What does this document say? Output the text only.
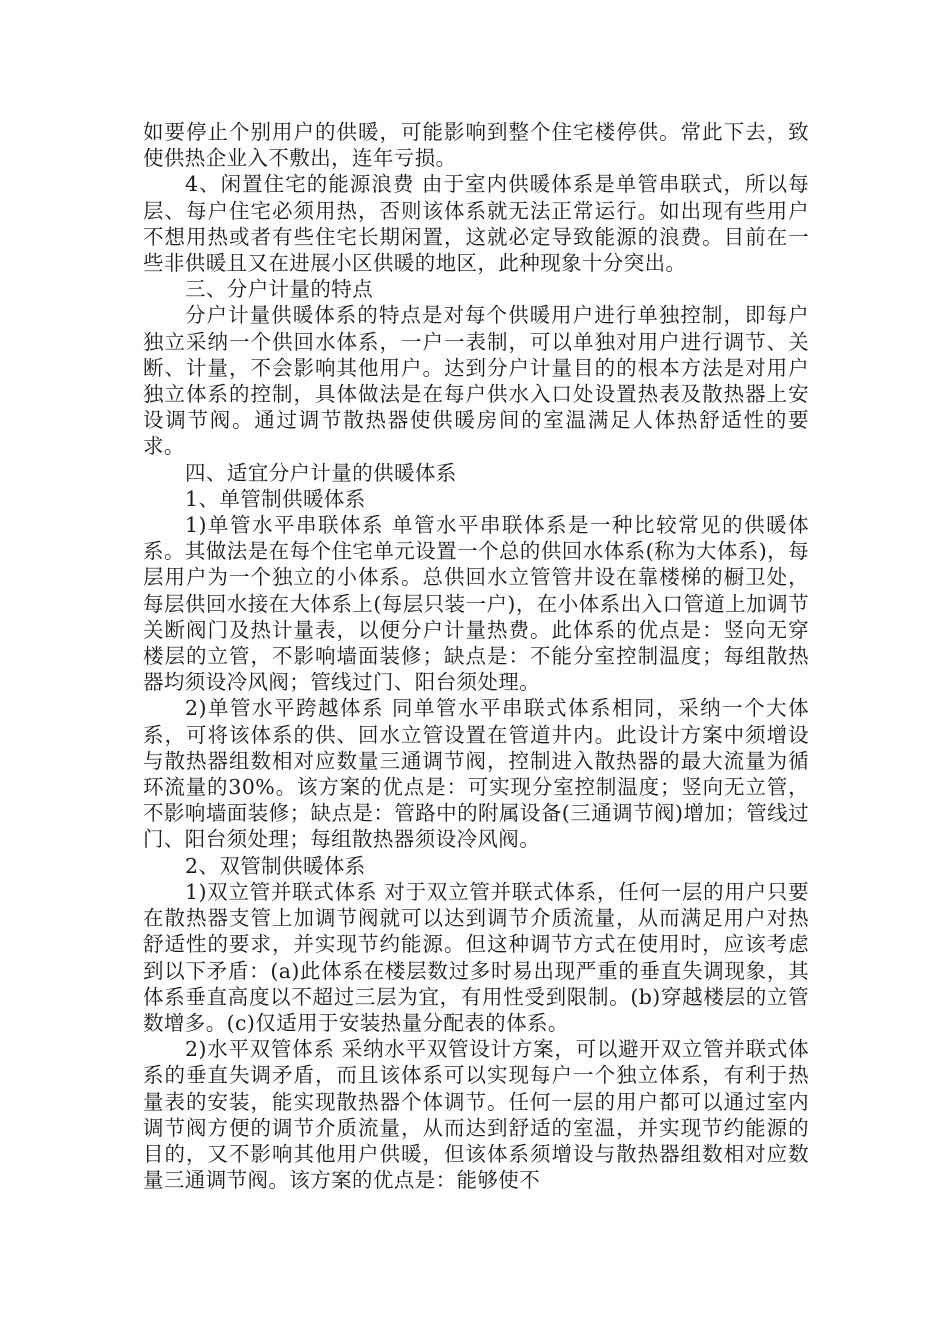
如要停止个别用户的供暖，可能影响到整个住宅楼停供。常此下去，致使供热企业入不敷出，连年亏损。

4、闲置住宅的能源浪费 由于室内供暖体系是单管串联式，所以每层、每户住宅必须用热，否则该体系就无法正常运行。如出现有些用户不想用热或者有些住宅长期闲置，这就必定导致能源的浪费。目前在一些非供暖且又在进展小区供暖的地区，此种现象十分突出。

三、分户计量的特点

分户计量供暖体系的特点是对每个供暖用户进行单独控制，即每户独立采纳一个供回水体系，一户一表制，可以单独对用户进行调节、关断、计量，不会影响其他用户。达到分户计量目的的根本方法是对用户独立体系的控制，具体做法是在每户供水入口处设置热表及散热器上安设调节阀。通过调节散热器使供暖房间的室温满足人体热舒适性的要求。

四、适宜分户计量的供暖体系

1、单管制供暖体系

1)单管水平串联体系 单管水平串联体系是一种比较常见的供暖体系。其做法是在每个住宅单元设置一个总的供回水体系(称为大体系)，每层用户为一个独立的小体系。总供回水立管管井设在靠楼梯的橱卫处，每层供回水接在大体系上(每层只装一户)，在小体系出入口管道上加调节关断阀门及热计量表，以便分户计量热费。此体系的优点是：竖向无穿楼层的立管，不影响墙面装修；缺点是：不能分室控制温度；每组散热器均须设冷风阀；管线过门、阳台须处理。

2)单管水平跨越体系 同单管水平串联式体系相同，采纳一个大体系，可将该体系的供、回水立管设置在管道井内。此设计方案中须增设与散热器组数相对应数量三通调节阀，控制进入散热器的最大流量为循环流量的30%。该方案的优点是：可实现分室控制温度；竖向无立管，不影响墙面装修；缺点是：管路中的附属设备(三通调节阀)增加；管线过门、阳台须处理；每组散热器须设冷风阀。

2、双管制供暖体系

1)双立管并联式体系 对于双立管并联式体系，任何一层的用户只要在散热器支管上加调节阀就可以达到调节介质流量，从而满足用户对热舒适性的要求，并实现节约能源。但这种调节方式在使用时，应该考虑到以下矛盾：(a)此体系在楼层数过多时易出现严重的垂直失调现象，其体系垂直高度以不超过三层为宜，有用性受到限制。(b)穿越楼层的立管数增多。(c)仅适用于安装热量分配表的体系。

2)水平双管体系 采纳水平双管设计方案，可以避开双立管并联式体系的垂直失调矛盾，而且该体系可以实现每户一个独立体系，有利于热量表的安装，能实现散热器个体调节。任何一层的用户都可以通过室内调节阀方便的调节介质流量，从而达到舒适的室温，并实现节约能源的目的，又不影响其他用户供暖，但该体系须增设与散热器组数相对应数量三通调节阀。该方案的优点是：能够使不
